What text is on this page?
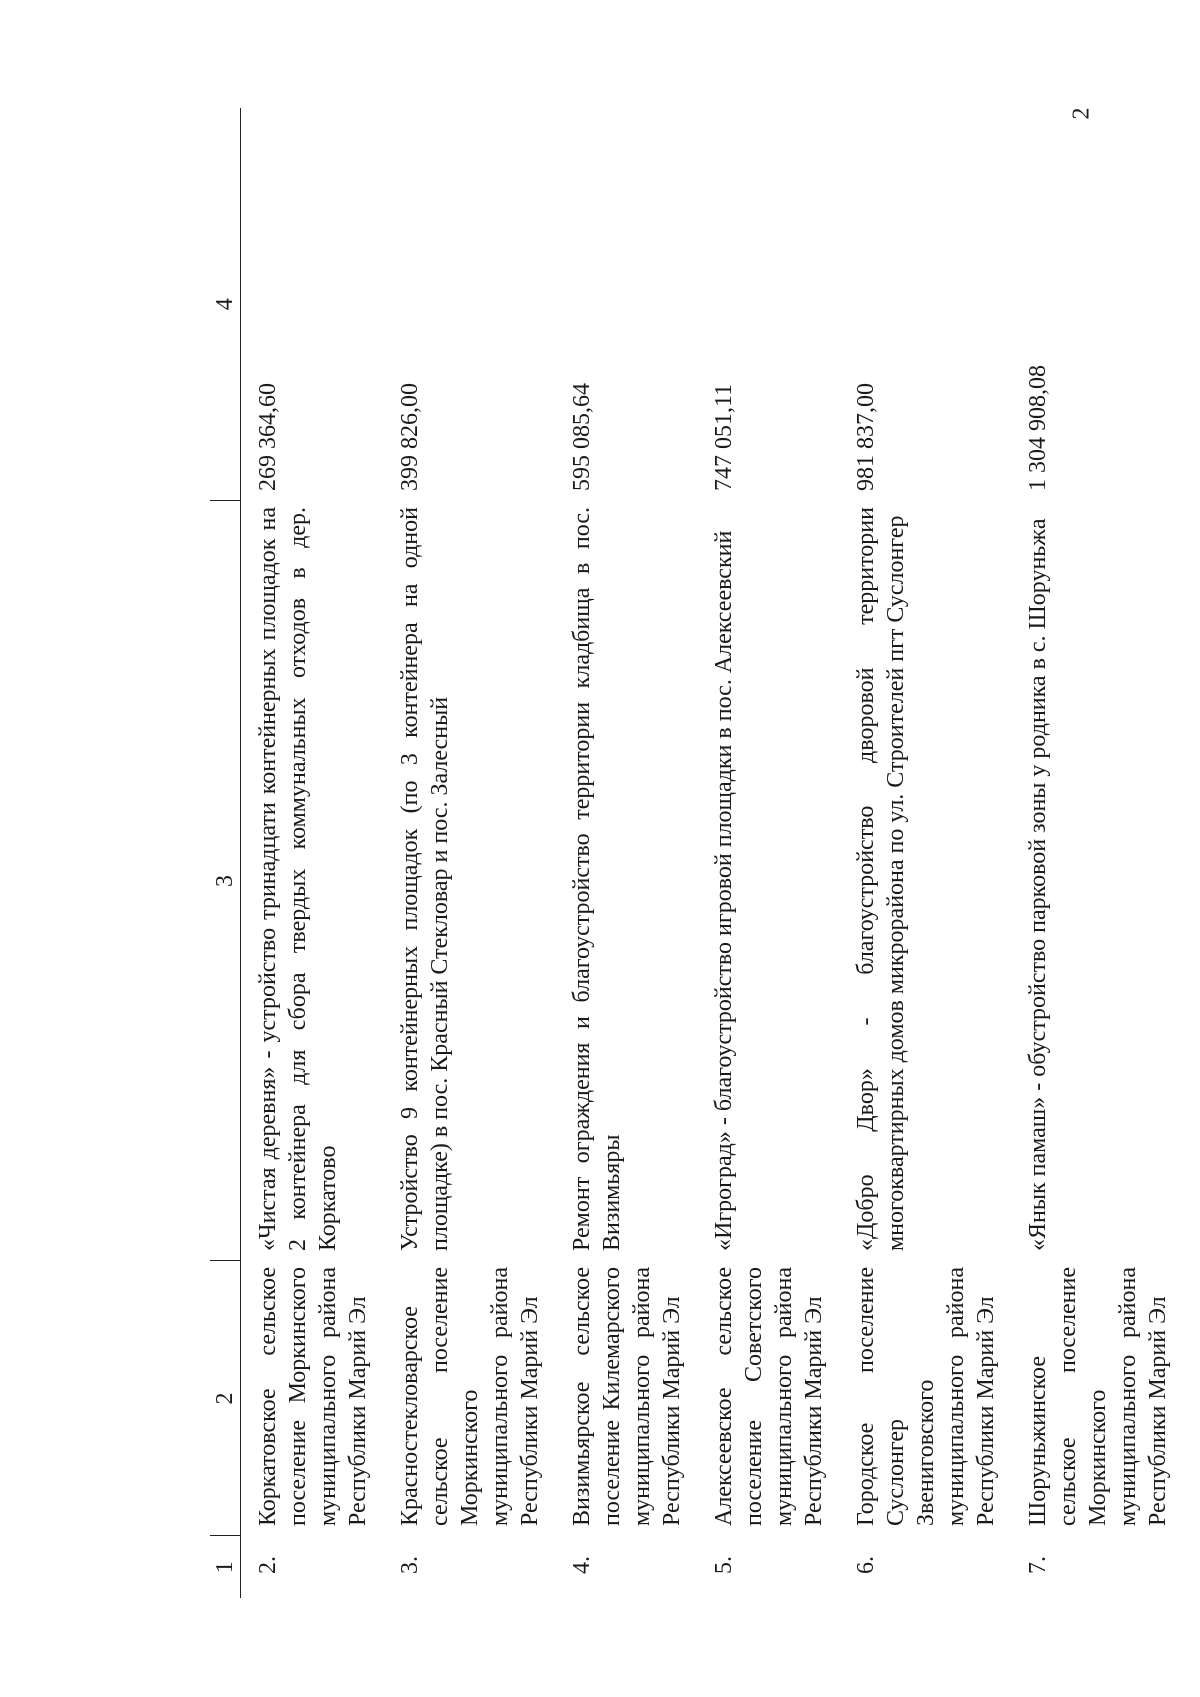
2
1	2	3	4
2.	Коркатовское сельское поселение Моркинского муниципального района Республики Марий Эл	«Чистая деревня» - устройство тринадцати контейнерных площадок на 2 контейнера для сбора твердых коммунальных отходов в дер. Коркатово	269 364,60
3.	Красностекловарское сельское поселение Моркинского муниципального района Республики Марий Эл	Устройство 9 контейнерных площадок (по 3 контейнера на одной площадке) в пос. Красный Стекловар и пос. Залесный	399 826,00
4.	Визимьярское сельское поселение Килемарского муниципального района Республики Марий Эл	Ремонт ограждения и благоустройство территории кладбища в пос. Визимьяры	595 085,64
5.	Алексеевское сельское поселение Советского муниципального района Республики Марий Эл	«Игроград» - благоустройство игровой площадки в пос. Алексеевский	747 051,11
6.	Городское поселение Суслонгер Звениговского муниципального района Республики Марий Эл	«Добро Двор» - благоустройство дворовой территории многоквартирных домов микрорайона по ул. Строителей пгт Суслонгер	981 837,00
7.	Шоруньжинское сельское поселение Моркинского муниципального района Республики Марий Эл	«Янык памаш» - обустройство парковой зоны у родника в с. Шоруньжа	1 304 908,08
